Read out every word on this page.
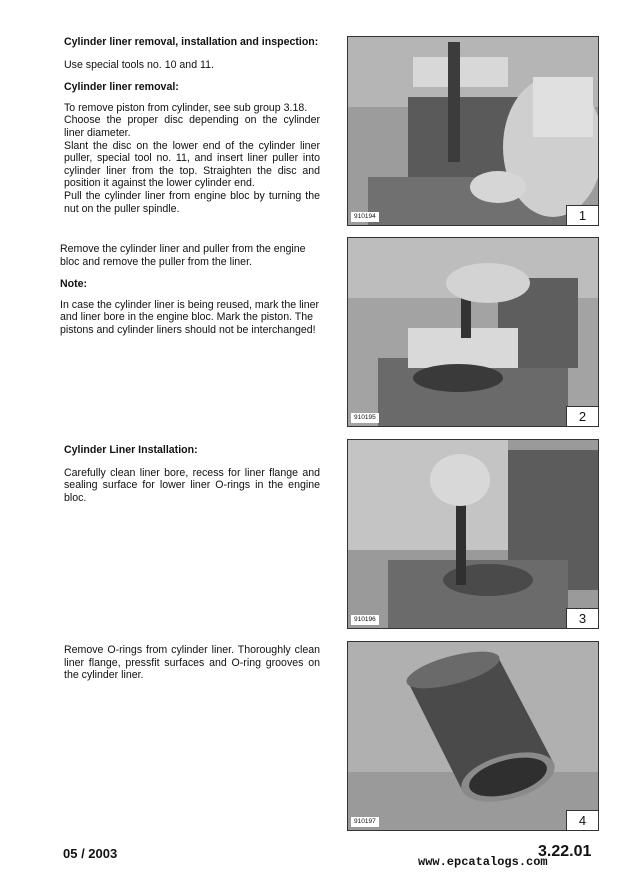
Cylinder liner removal, installation and inspection:

Use special tools no. 10 and 11.

Cylinder liner removal:

To remove piston from cylinder, see sub group 3.18.

Choose the proper disc depending on the cylinder liner diameter.

Slant the disc on the lower end of the cylinder liner puller, special tool no. 11, and insert liner puller into cylinder liner from the top. Straighten the disc and position it against the lower cylinder end.

Pull the cylinder liner from engine bloc by turning the nut on the puller spindle.

Remove the cylinder liner and puller from the engine bloc and remove the puller from the liner.

Note:

In case the cylinder liner is being reused, mark the liner and liner bore in the engine bloc. Mark the piston. The pistons and cylinder liners should not be interchanged!

Cylinder Liner Installation:

Carefully clean liner bore, recess for liner flange and sealing surface for lower liner O-rings in the engine bloc.

Remove O-rings from cylinder liner. Thoroughly clean liner flange, pressfit surfaces and O-ring grooves on the cylinder liner.

910194	1
910195	2
910196	3
910197	4
05 / 2003	3.22.01
www.epcatalogs.com
